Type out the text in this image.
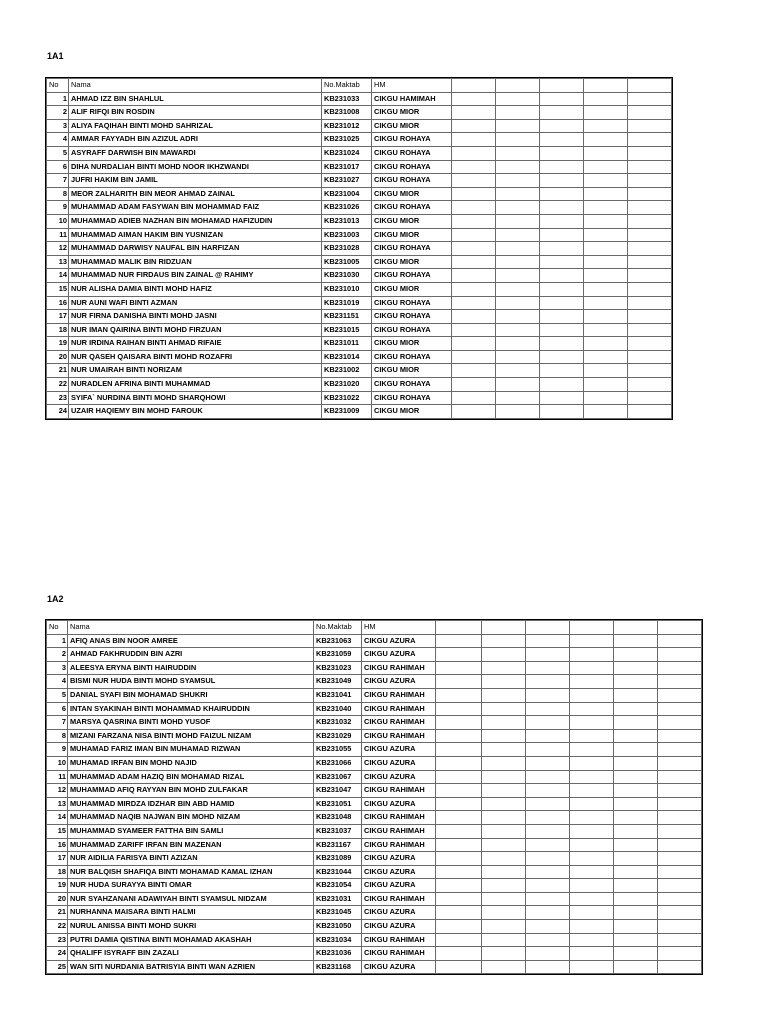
1A1
No	Nama	No.Maktab	HM					
1	AHMAD IZZ BIN SHAHLUL	KB231033	CIKGU HAMIMAH					
2	ALIF RIFQI BIN ROSDIN	KB231008	CIKGU MIOR					
3	ALIYA FAQIHAH BINTI MOHD SAHRIZAL	KB231012	CIKGU MIOR					
4	AMMAR FAYYADH BIN AZIZUL ADRI	KB231025	CIKGU ROHAYA					
5	ASYRAFF DARWISH BIN MAWARDI	KB231024	CIKGU ROHAYA					
6	DIHA NURDALIAH BINTI MOHD NOOR IKHZWANDI	KB231017	CIKGU ROHAYA					
7	JUFRI HAKIM BIN JAMIL	KB231027	CIKGU ROHAYA					
8	MEOR ZALHARITH BIN MEOR AHMAD ZAINAL	KB231004	CIKGU MIOR					
9	MUHAMMAD ADAM FASYWAN BIN MOHAMMAD FAIZ	KB231026	CIKGU ROHAYA					
10	MUHAMMAD ADIEB NAZHAN BIN MOHAMAD HAFIZUDIN	KB231013	CIKGU MIOR					
11	MUHAMMAD AIMAN HAKIM BIN YUSNIZAN	KB231003	CIKGU MIOR					
12	MUHAMMAD DARWISY NAUFAL BIN HARFIZAN	KB231028	CIKGU ROHAYA					
13	MUHAMMAD MALIK BIN RIDZUAN	KB231005	CIKGU MIOR					
14	MUHAMMAD NUR FIRDAUS BIN ZAINAL @ RAHIMY	KB231030	CIKGU ROHAYA					
15	NUR ALISHA DAMIA BINTI MOHD HAFIZ	KB231010	CIKGU MIOR					
16	NUR AUNI WAFI BINTI AZMAN	KB231019	CIKGU ROHAYA					
17	NUR FIRNA DANISHA BINTI MOHD JASNI	KB231151	CIKGU ROHAYA					
18	NUR IMAN QAIRINA BINTI MOHD FIRZUAN	KB231015	CIKGU ROHAYA					
19	NUR IRDINA RAIHAN BINTI AHMAD RIFAIE	KB231011	CIKGU MIOR					
20	NUR QASEH QAISARA BINTI MOHD ROZAFRI	KB231014	CIKGU ROHAYA					
21	NUR UMAIRAH BINTI NORIZAM	KB231002	CIKGU MIOR					
22	NURADLEN AFRINA BINTI MUHAMMAD	KB231020	CIKGU ROHAYA					
23	SYIFA` NURDINA BINTI MOHD SHARQHOWI	KB231022	CIKGU ROHAYA					
24	UZAIR HAQIEMY BIN MOHD FAROUK	KB231009	CIKGU MIOR					
1A2
No	Nama	No.Maktab	HM						
1	AFIQ ANAS BIN NOOR AMREE	KB231063	CIKGU AZURA						
2	AHMAD FAKHRUDDIN BIN AZRI	KB231059	CIKGU AZURA						
3	ALEESYA ERYNA BINTI HAIRUDDIN	KB231023	CIKGU RAHIMAH						
4	BISMI NUR HUDA BINTI MOHD SYAMSUL	KB231049	CIKGU AZURA						
5	DANIAL SYAFI BIN MOHAMAD SHUKRI	KB231041	CIKGU RAHIMAH						
6	INTAN SYAKINAH BINTI MOHAMMAD KHAIRUDDIN	KB231040	CIKGU RAHIMAH						
7	MARSYA QASRINA BINTI MOHD YUSOF	KB231032	CIKGU RAHIMAH						
8	MIZANI FARZANA NISA BINTI MOHD FAIZUL NIZAM	KB231029	CIKGU RAHIMAH						
9	MUHAMAD FARIZ IMAN BIN MUHAMAD RIZWAN	KB231055	CIKGU AZURA						
10	MUHAMAD IRFAN BIN MOHD NAJID	KB231066	CIKGU AZURA						
11	MUHAMMAD ADAM HAZIQ BIN MOHAMAD RIZAL	KB231067	CIKGU AZURA						
12	MUHAMMAD AFIQ RAYYAN BIN MOHD ZULFAKAR	KB231047	CIKGU RAHIMAH						
13	MUHAMMAD MIRDZA IDZHAR BIN ABD HAMID	KB231051	CIKGU AZURA						
14	MUHAMMAD NAQIB NAJWAN BIN MOHD NIZAM	KB231048	CIKGU RAHIMAH						
15	MUHAMMAD SYAMEER FATTHA BIN SAMLI	KB231037	CIKGU RAHIMAH						
16	MUHAMMAD ZARIFF IRFAN BIN MAZENAN	KB231167	CIKGU RAHIMAH						
17	NUR AIDILIA FARISYA BINTI AZIZAN	KB231089	CIKGU AZURA						
18	NUR BALQISH SHAFIQA BINTI MOHAMAD KAMAL IZHAN	KB231044	CIKGU AZURA						
19	NUR HUDA SURAYYA BINTI OMAR	KB231054	CIKGU AZURA						
20	NUR SYAHZANANI ADAWIYAH BINTI SYAMSUL NIDZAM	KB231031	CIKGU RAHIMAH						
21	NURHANNA MAISARA BINTI HALMI	KB231045	CIKGU AZURA						
22	NURUL ANISSA BINTI MOHD SUKRI	KB231050	CIKGU AZURA						
23	PUTRI DAMIA QISTINA BINTI MOHAMAD AKASHAH	KB231034	CIKGU RAHIMAH						
24	QHALIFF ISYRAFF BIN ZAZALI	KB231036	CIKGU RAHIMAH						
25	WAN SITI NURDANIA BATRISYIA BINTI WAN AZRIEN	KB231168	CIKGU AZURA						
